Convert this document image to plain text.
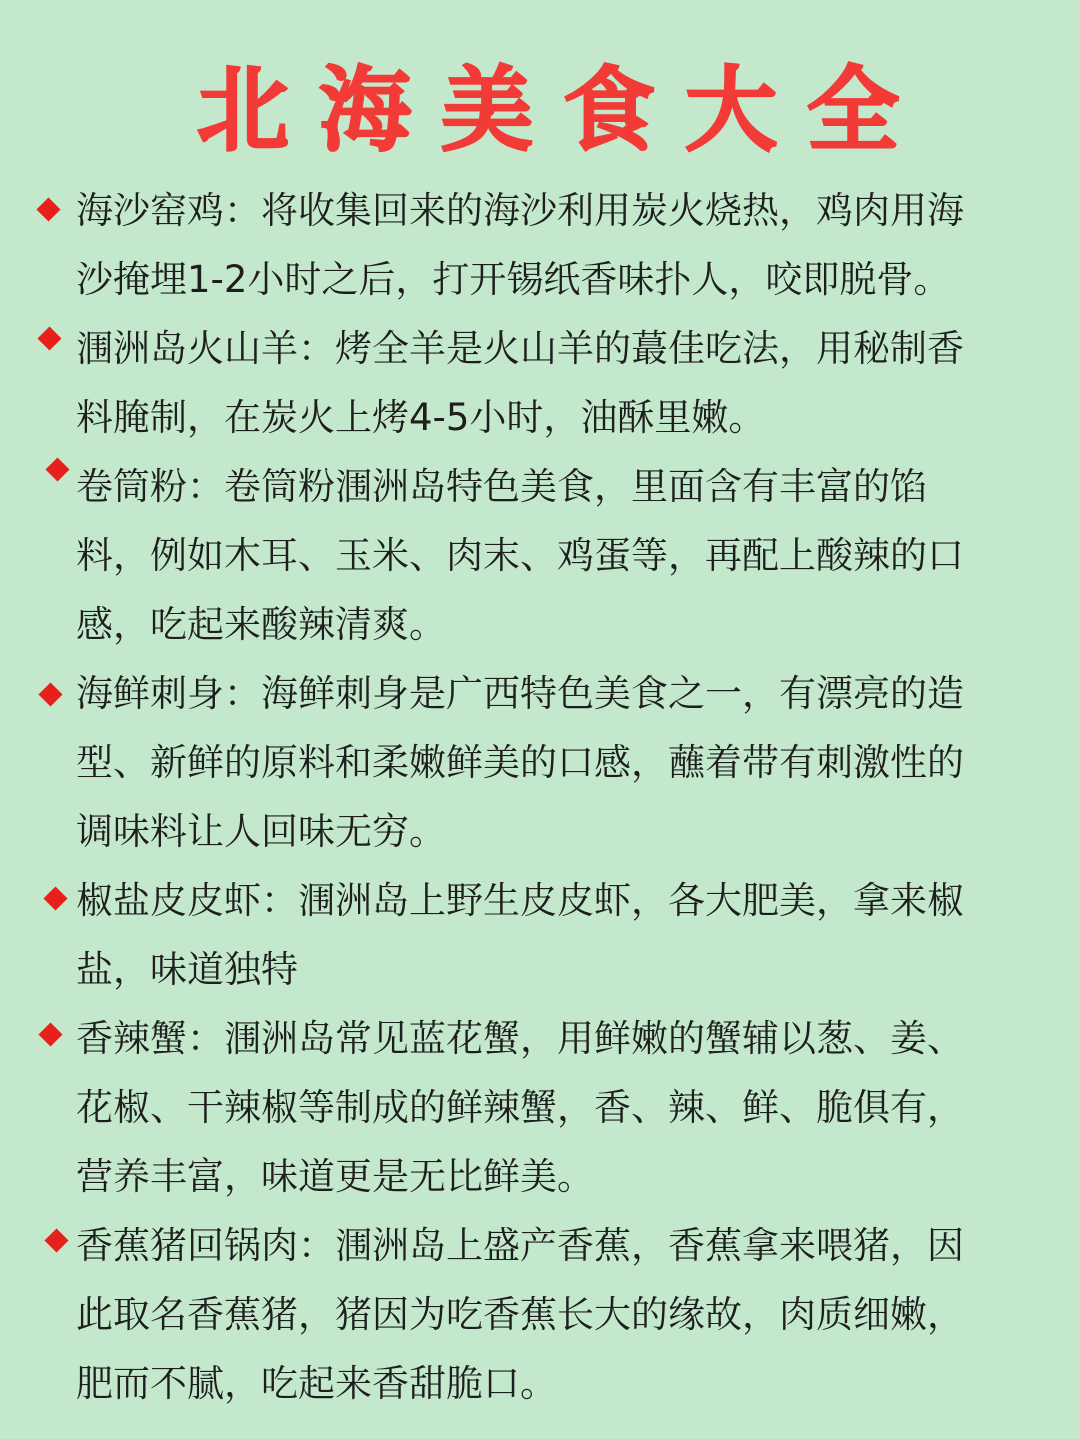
北海美食大全
海沙窑鸡：将收集回来的海沙利用炭火烧热，鸡肉用海
沙掩埋1-2小时之后，打开锡纸香味扑人，咬即脱骨。
涠洲岛火山羊：烤全羊是火山羊的蕞佳吃法，用秘制香
料腌制，在炭火上烤4-5小时，油酥里嫩。
卷筒粉：卷筒粉涠洲岛特色美食，里面含有丰富的馅
料，例如木耳、玉米、肉末、鸡蛋等，再配上酸辣的口
感，吃起来酸辣清爽。
海鲜刺身：海鲜刺身是广西特色美食之一，有漂亮的造
型、新鲜的原料和柔嫩鲜美的口感，蘸着带有刺激性的
调味料让人回味无穷。
椒盐皮皮虾：涠洲岛上野生皮皮虾，各大肥美，拿来椒
盐，味道独特
香辣蟹：涠洲岛常见蓝花蟹，用鲜嫩的蟹辅以葱、姜、
花椒、干辣椒等制成的鲜辣蟹，香、辣、鲜、脆俱有，
营养丰富，味道更是无比鲜美。
香蕉猪回锅肉：涠洲岛上盛产香蕉，香蕉拿来喂猪，因
此取名香蕉猪，猪因为吃香蕉长大的缘故，肉质细嫩，
肥而不腻，吃起来香甜脆口。
